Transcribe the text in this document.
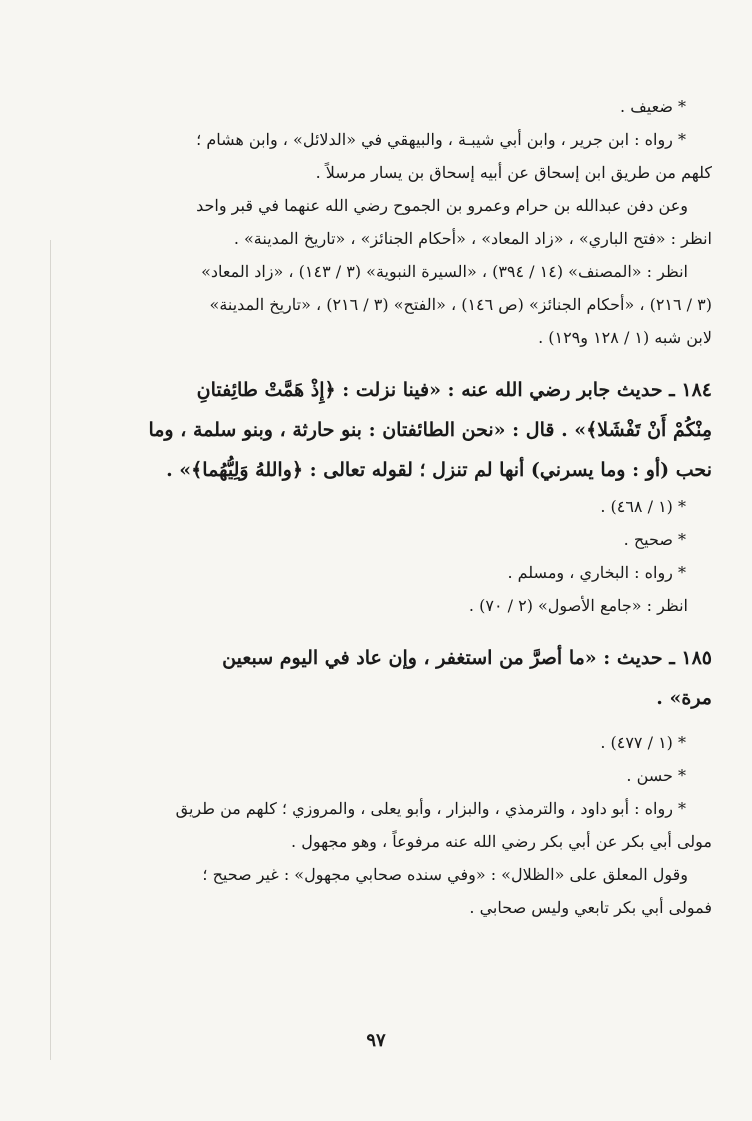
* ضعيف .
* رواه : ابن جرير ، وابن أبي شيبـة ، والبيهقي في «الدلائل» ، وابن هشام ؛
كلهم من طريق ابن إسحاق عن أبيه إسحاق بن يسار مرسلاً .
وعن دفن عبدالله بن حرام وعمرو بن الجموح رضي الله عنهما في قبر واحد
انظر : «فتح الباري» ، «زاد المعاد» ، «أحكام الجنائز» ، «تاريخ المدينة» .
انظر : «المصنف» (١٤ / ٣٩٤) ، «السيرة النبوية» (٣ / ١٤٣) ، «زاد المعاد»
(٣ / ٢١٦) ، «أحكام الجنائز» (ص ١٤٦) ، «الفتح» (٣ / ٢١٦) ، «تاريخ المدينة»
لابن شبه (١ / ١٢٨ و١٢٩) .
١٨٤ ـ حديث جابر رضي الله عنه : «فينا نزلت : ﴿إِذْ هَمَّتْ طائِفتانِ
مِنْكُمْ أَنْ تَفْشَلا﴾» . قال : «نحن الطائفتان : بنو حارثة ، وبنو سلمة ، وما
نحب (أو : وما يسرني) أنها لم تنزل ؛ لقوله تعالى : ﴿واللهُ وَلِيُّهُما﴾» .
* (١ / ٤٦٨) .
* صحيح .
* رواه : البخاري ، ومسلم .
انظر : «جامع الأصول» (٢ / ٧٠) .
١٨٥ ـ حديث : «ما أصرَّ من استغفر ، وإن عاد في اليوم سبعين
مرة» .
* (١ / ٤٧٧) .
* حسن .
* رواه : أبو داود ، والترمذي ، والبزار ، وأبو يعلى ، والمروزي ؛ كلهم من طريق
مولى أبي بكر عن أبي بكر رضي الله عنه مرفوعاً ، وهو مجهول .
وقول المعلق على «الظلال» : «وفي سنده صحابي مجهول» : غير صحيح ؛
فمولى أبي بكر تابعي وليس صحابي .
٩٧
